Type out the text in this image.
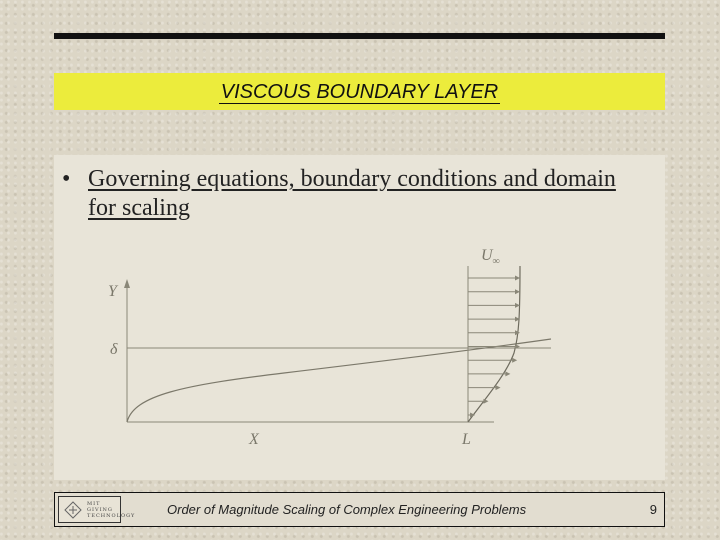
VISCOUS BOUNDARY LAYER
• Governing equations, boundary conditions and domain for scaling
$U_\infty$
Y
δ
X	L
MIT
GIVING
TECHNOLOGY Order of Magnitude Scaling of Complex Engineering Problems	9
